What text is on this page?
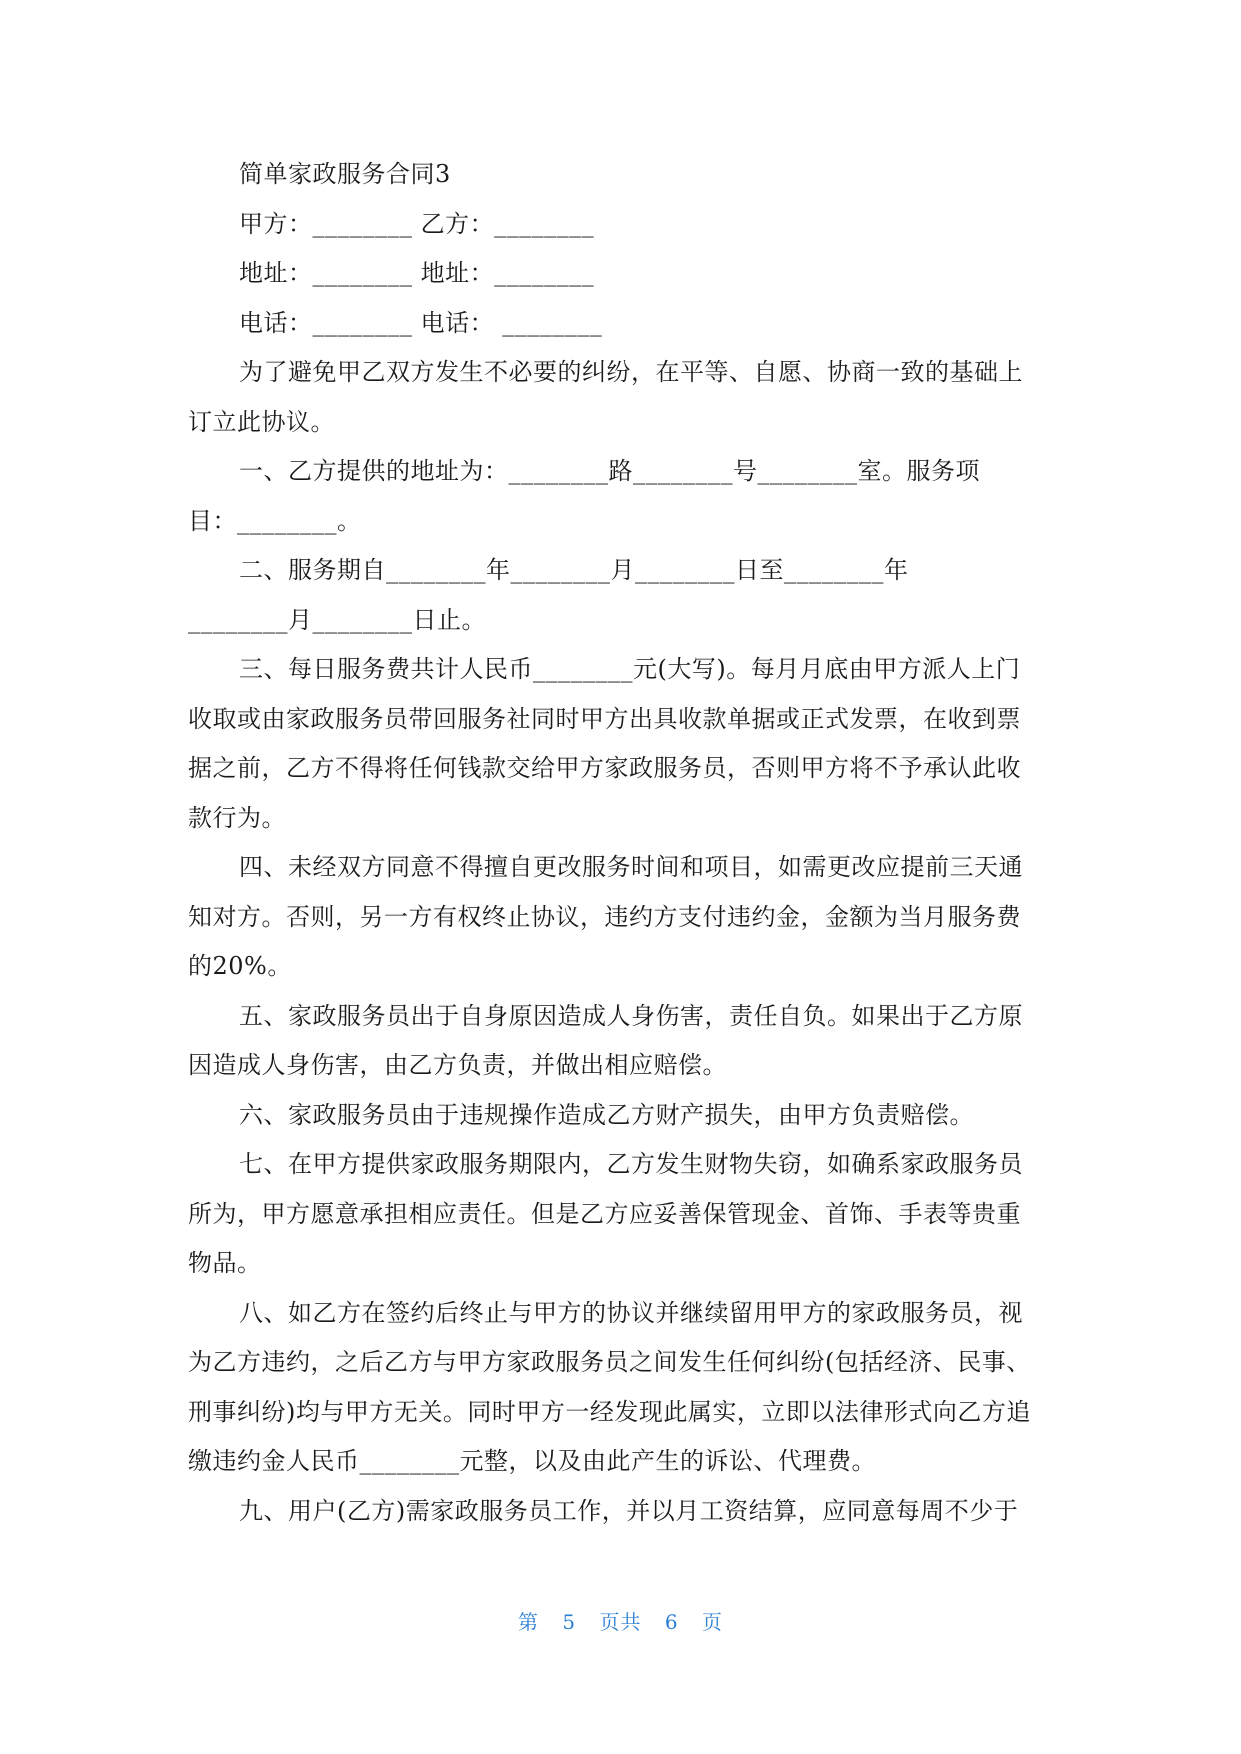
简单家政服务合同3
甲方：________ 乙方：________
地址：________ 地址：________
电话：________ 电话： ________
为了避免甲乙双方发生不必要的纠纷，在平等、自愿、协商一致的基础上
订立此协议。
一、乙方提供的地址为：________路________号________室。服务项
目：________。
二、服务期自________年________月________日至________年
________月________日止。
三、每日服务费共计人民币________元(大写)。每月月底由甲方派人上门
收取或由家政服务员带回服务社同时甲方出具收款单据或正式发票，在收到票
据之前，乙方不得将任何钱款交给甲方家政服务员，否则甲方将不予承认此收
款行为。
四、未经双方同意不得擅自更改服务时间和项目，如需更改应提前三天通
知对方。否则，另一方有权终止协议，违约方支付违约金，金额为当月服务费
的20%。
五、家政服务员出于自身原因造成人身伤害，责任自负。如果出于乙方原
因造成人身伤害，由乙方负责，并做出相应赔偿。
六、家政服务员由于违规操作造成乙方财产损失，由甲方负责赔偿。
七、在甲方提供家政服务期限内，乙方发生财物失窃，如确系家政服务员
所为，甲方愿意承担相应责任。但是乙方应妥善保管现金、首饰、手表等贵重
物品。
八、如乙方在签约后终止与甲方的协议并继续留用甲方的家政服务员，视
为乙方违约，之后乙方与甲方家政服务员之间发生任何纠纷(包括经济、民事、
刑事纠纷)均与甲方无关。同时甲方一经发现此属实，立即以法律形式向乙方追
缴违约金人民币________元整，以及由此产生的诉讼、代理费。
九、用户(乙方)需家政服务员工作，并以月工资结算，应同意每周不少于
第 5 页共 6 页
